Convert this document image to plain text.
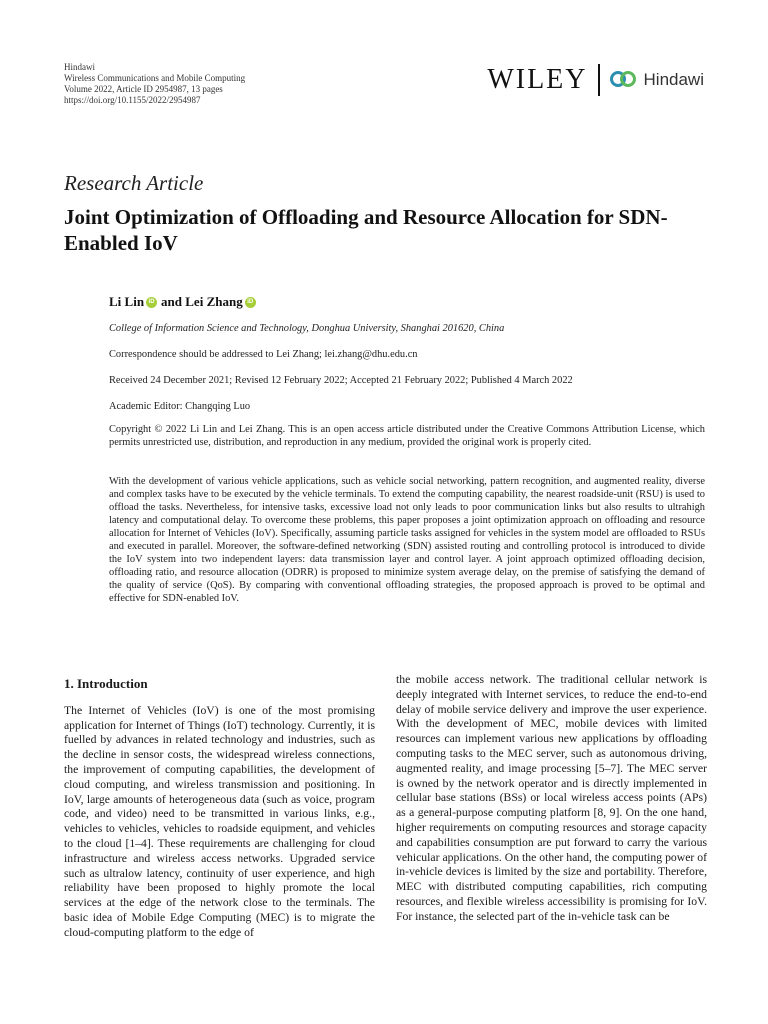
Hindawi
Wireless Communications and Mobile Computing
Volume 2022, Article ID 2954987, 13 pages
https://doi.org/10.1155/2022/2954987
WILEY	Hindawi
Research Article
Joint Optimization of Offloading and Resource Allocation for SDN-Enabled IoV
Li Lin iD and
Lei Zhang iD
College of Information Science and Technology, Donghua University, Shanghai 201620, China
Correspondence should be addressed to Lei Zhang; lei.zhang@dhu.edu.cn
Received 24 December 2021; Revised 12 February 2022; Accepted 21 February 2022; Published 4 March 2022
Academic Editor: Changqing Luo

Copyright © 2022 Li Lin and Lei Zhang. This is an open access article distributed under the Creative Commons Attribution License, which permits unrestricted use, distribution, and reproduction in any medium, provided the original work is properly cited.

With the development of various vehicle applications, such as vehicle social networking, pattern recognition, and augmented reality, diverse and complex tasks have to be executed by the vehicle terminals. To extend the computing capability, the nearest roadside-unit (RSU) is used to offload the tasks. Nevertheless, for intensive tasks, excessive load not only leads to poor communication links but also results to ultrahigh latency and computational delay. To overcome these problems, this paper proposes a joint optimization approach on offloading and resource allocation for Internet of Vehicles (IoV). Specifically, assuming particle tasks assigned for vehicles in the system model are offloaded to RSUs and executed in parallel. Moreover, the software-defined networking (SDN) assisted routing and controlling protocol is introduced to divide the IoV system into two independent layers: data transmission layer and control layer. A joint approach optimized offloading decision, offloading ratio, and resource allocation (ODRR) is proposed to minimize system average delay, on the premise of satisfying the demand of the quality of service (QoS). By comparing with conventional offloading strategies, the proposed approach is proved to be optimal and effective for SDN-enabled IoV.

1. Introduction

The Internet of Vehicles (IoV) is one of the most promising application for Internet of Things (IoT) technology. Currently, it is fuelled by advances in related technology and industries, such as the decline in sensor costs, the widespread wireless connections, the improvement of computing capabilities, the development of cloud computing, and wireless transmission and positioning. In IoV, large amounts of heterogeneous data (such as voice, program code, and video) need to be transmitted in various links, e.g., vehicles to vehicles, vehicles to roadside equipment, and vehicles to the cloud [1–4]. These requirements are challenging for cloud infrastructure and wireless access networks. Upgraded service such as ultralow latency, continuity of user experience, and high reliability have been proposed to highly promote the local services at the edge of the network close to the terminals. The basic idea of Mobile Edge Computing (MEC) is to migrate the cloud-computing platform to the edge of

the mobile access network. The traditional cellular network is deeply integrated with Internet services, to reduce the end-to-end delay of mobile service delivery and improve the user experience. With the development of MEC, mobile devices with limited resources can implement various new applications by offloading computing tasks to the MEC server, such as autonomous driving, augmented reality, and image processing [5–7]. The MEC server is owned by the network operator and is directly implemented in cellular base stations (BSs) or local wireless access points (APs) as a general-purpose computing platform [8, 9]. On the one hand, higher requirements on computing resources and storage capacity and capabilities consumption are put forward to carry the various vehicular applications. On the other hand, the computing power of in-vehicle devices is limited by the size and portability. Therefore, MEC with distributed computing capabilities, rich computing resources, and flexible wireless accessibility is promising for IoV. For instance, the selected part of the in-vehicle task can be
